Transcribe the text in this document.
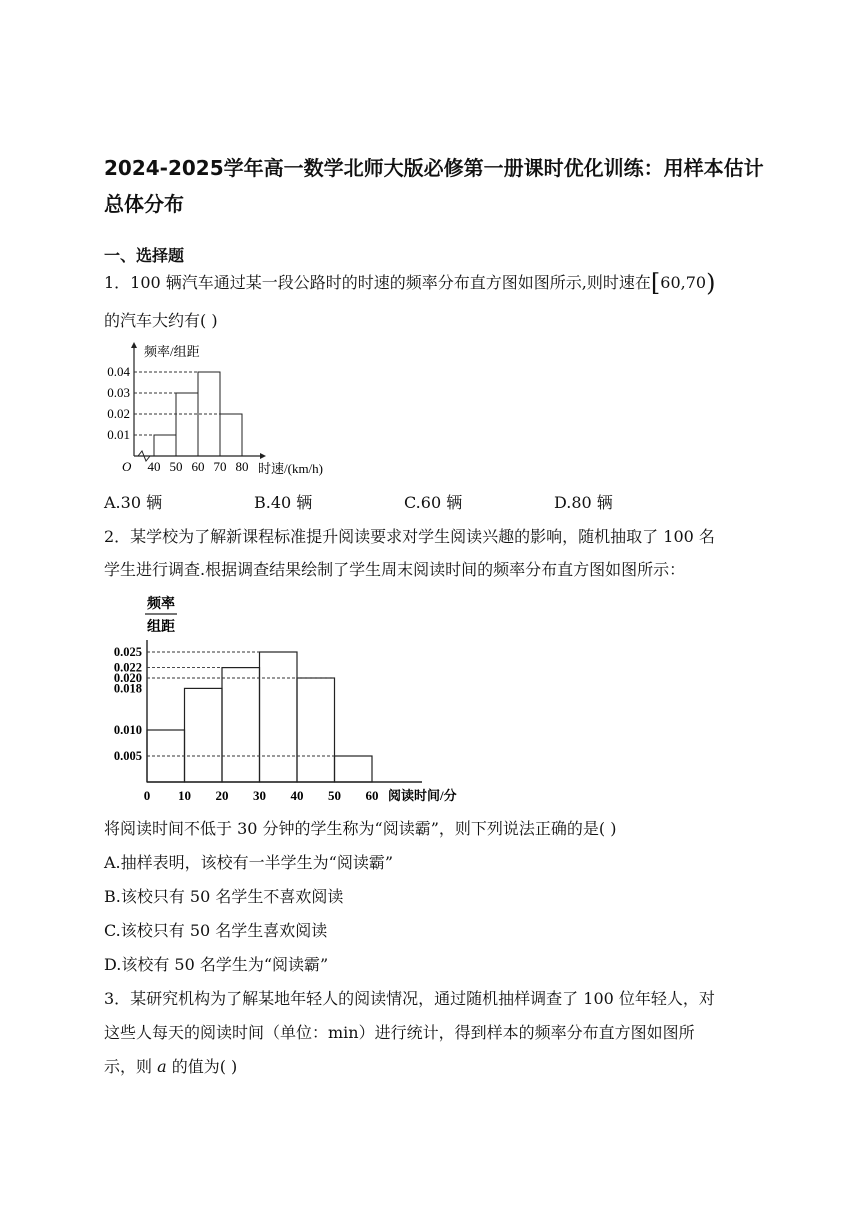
2024-2025学年高一数学北师大版必修第一册课时优化训练：用样本估计总体分布
一、选择题

1．100 辆汽车通过某一段公路时的时速的频率分布直方图如图所示,则时速在[60,70)

的汽车大约有( )

频率/组距
时速/(km/h)
O
0.01
0.02
0.03
0.04
40 50 60 70 80
A.30 辆	B.40 辆	C.60 辆	D.80 辆

2．某学校为了解新课程标准提升阅读要求对学生阅读兴趣的影响，随机抽取了 100 名

学生进行调查.根据调查结果绘制了学生周末阅读时间的频率分布直方图如图所示：

频率
组距
0.025
0.022
0.020
0.018
0.010
0.005
0 10 20 30 40 50 60 阅读时间/分

将阅读时间不低于 30 分钟的学生称为“阅读霸”，则下列说法正确的是( )

A.抽样表明，该校有一半学生为“阅读霸”

B.该校只有 50 名学生不喜欢阅读

C.该校只有 50 名学生喜欢阅读

D.该校有 50 名学生为“阅读霸”

3．某研究机构为了解某地年轻人的阅读情况，通过随机抽样调查了 100 位年轻人，对

这些人每天的阅读时间（单位：min）进行统计，得到样本的频率分布直方图如图所

示，则 a 的值为( )
